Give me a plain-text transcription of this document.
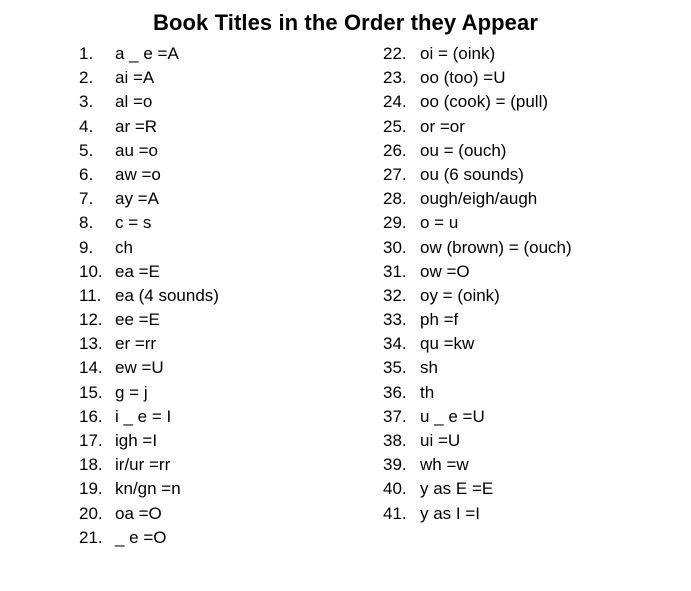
Book Titles in the Order they Appear
1. a _ e =A
2. ai =A
3. al =o
4. ar =R
5. au =o
6. aw =o
7. ay =A
8. c = s
9. ch
10. ea =E
11. ea (4 sounds)
12. ee =E
13. er =rr
14. ew =U
15. g = j
16. i _ e = I
17. igh =I
18. ir/ur =rr
19. kn/gn =n
20. oa =O
21. _ e =O
22. oi = (oink)
23. oo (too) =U
24. oo (cook) = (pull)
25. or =or
26. ou = (ouch)
27. ou (6 sounds)
28. ough/eigh/augh
29. o = u
30. ow (brown) = (ouch)
31. ow =O
32. oy = (oink)
33. ph =f
34. qu =kw
35. sh
36. th
37. u _ e =U
38. ui =U
39. wh =w
40. y as E =E
41. y as I =I
